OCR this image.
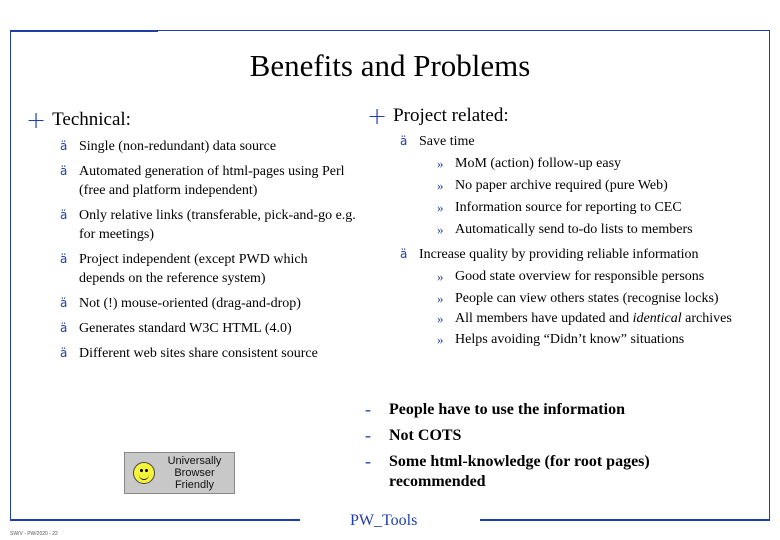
Benefits and Problems
+ Technical:
ä Single (non-redundant) data source
ä Automated generation of html-pages using Perl (free and platform independent)
ä Only relative links (transferable, pick-and-go e.g. for meetings)
ä Project independent (except PWD which depends on the reference system)
ä Not (!) mouse-oriented (drag-and-drop)
ä Generates standard W3C HTML (4.0)
ä Different web sites share consistent source
+ Project related:
ä Save time
» MoM (action) follow-up easy
» No paper archive required (pure Web)
» Information source for reporting to CEC
» Automatically send to-do lists to members
ä Increase quality by providing reliable information
» Good state overview for responsible persons
» People can view others states (recognise locks)
» All members have updated and identical archives
» Helps avoiding “Didn’t know” situations
- People have to use the information
- Not COTS
- Some html-knowledge (for root pages) recommended
Universally
Browser
Friendly
PW_Tools
SW/V - PW/2020 - 22
